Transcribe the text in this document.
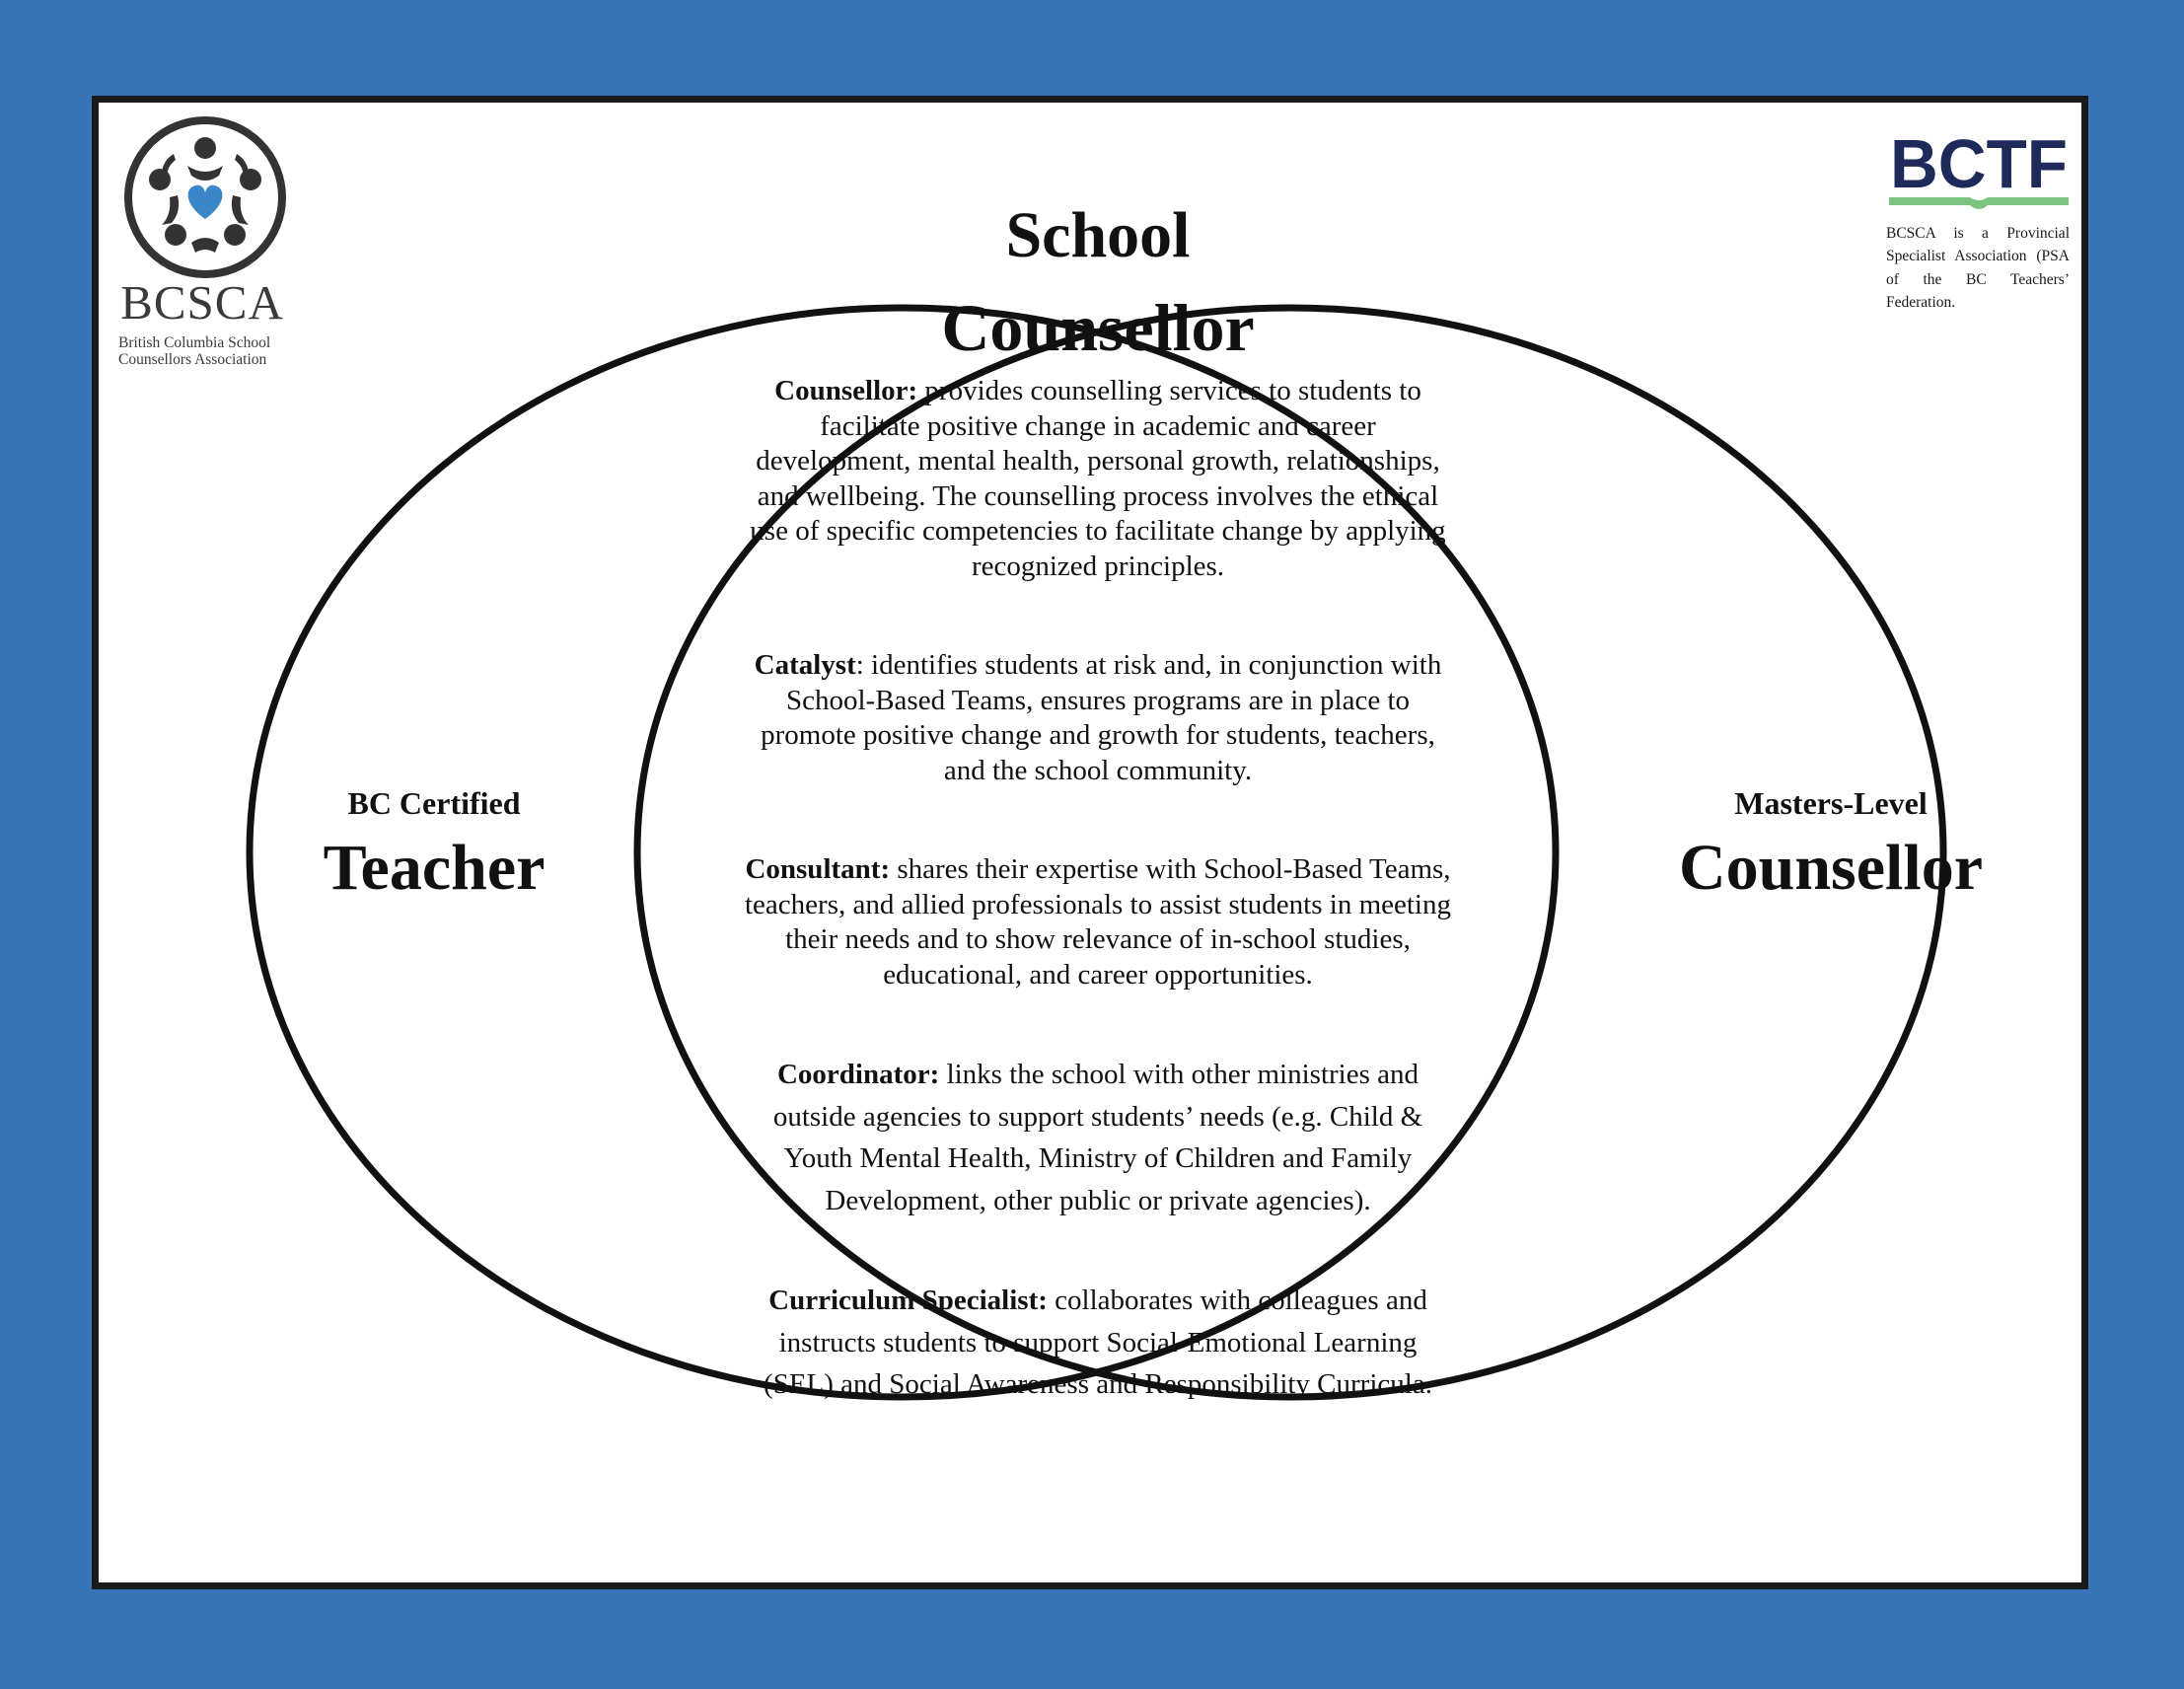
BCSCA
British Columbia School
Counsellors Association
BCTF
BCSCA is a Provincial Specialist Association (PSA of the BC Teachers’ Federation.
School
Counsellor

Counsellor: provides counselling services to students to facilitate positive change in academic and career development, mental health, personal growth, relationships, and wellbeing. The counselling process involves the ethical use of specific competencies to facilitate change by applying recognized principles.

Catalyst: identifies students at risk and, in conjunction with School-Based Teams, ensures programs are in place to promote positive change and growth for students, teachers, and the school community.

Consultant: shares their expertise with School-Based Teams, teachers, and allied professionals to assist students in meeting their needs and to show relevance of in-school studies, educational, and career opportunities.

Coordinator: links the school with other ministries and outside agencies to support students’ needs (e.g. Child & Youth Mental Health, Ministry of Children and Family Development, other public or private agencies).

Curriculum Specialist: collaborates with colleagues and instructs students to support Social-Emotional Learning (SEL) and Social Awareness and Responsibility Curricula.

BC Certified
Teacher
Masters-Level
Counsellor
